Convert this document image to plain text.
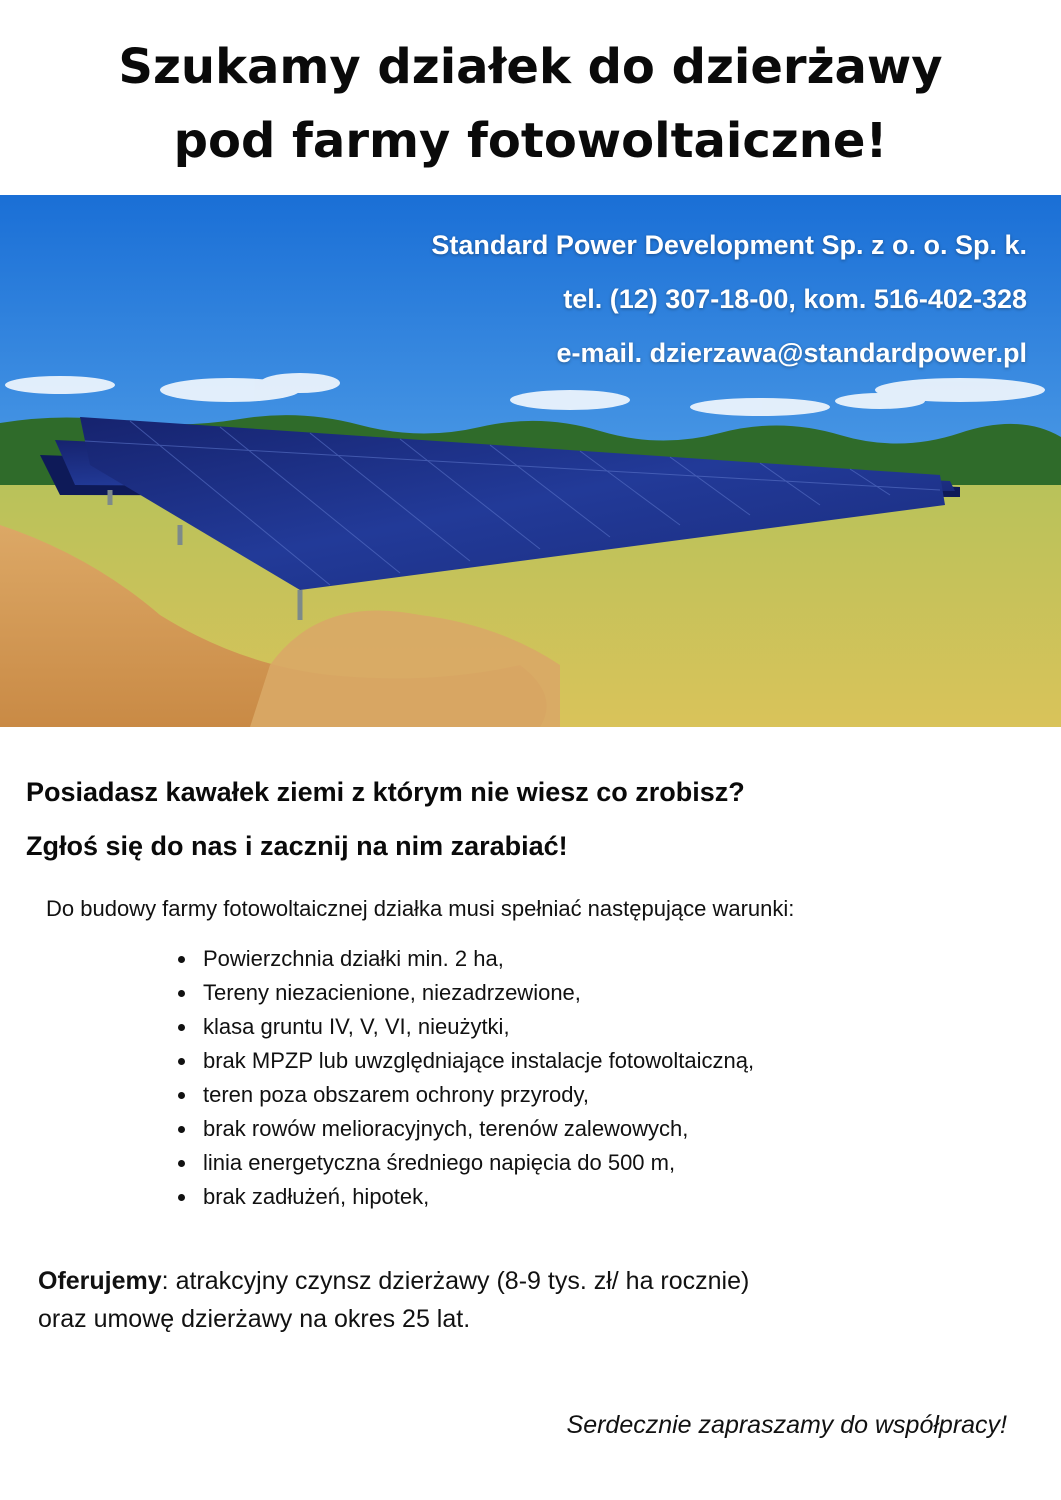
Szukamy działek do dzierżawy
pod farmy fotowoltaiczne!
Standard Power Development Sp. z o. o. Sp. k.
tel. (12) 307-18-00, kom. 516-402-328
e-mail. dzierzawa@standardpower.pl
Posiadasz kawałek ziemi z którym nie wiesz co zrobisz?
Zgłoś się do nas i zacznij na nim zarabiać!
Do budowy farmy fotowoltaicznej działka musi spełniać następujące warunki:
Powierzchnia działki min. 2 ha,
Tereny niezacienione, niezadrzewione,
klasa gruntu IV, V, VI, nieużytki,
brak MPZP lub uwzględniające instalacje fotowoltaiczną,
teren poza obszarem ochrony przyrody,
brak rowów melioracyjnych, terenów zalewowych,
linia energetyczna średniego napięcia do 500 m,
brak zadłużeń, hipotek,
Oferujemy: atrakcyjny czynsz dzierżawy (8-9 tys. zł/ ha rocznie)
oraz umowę dzierżawy na okres 25 lat.
Serdecznie zapraszamy do współpracy!
